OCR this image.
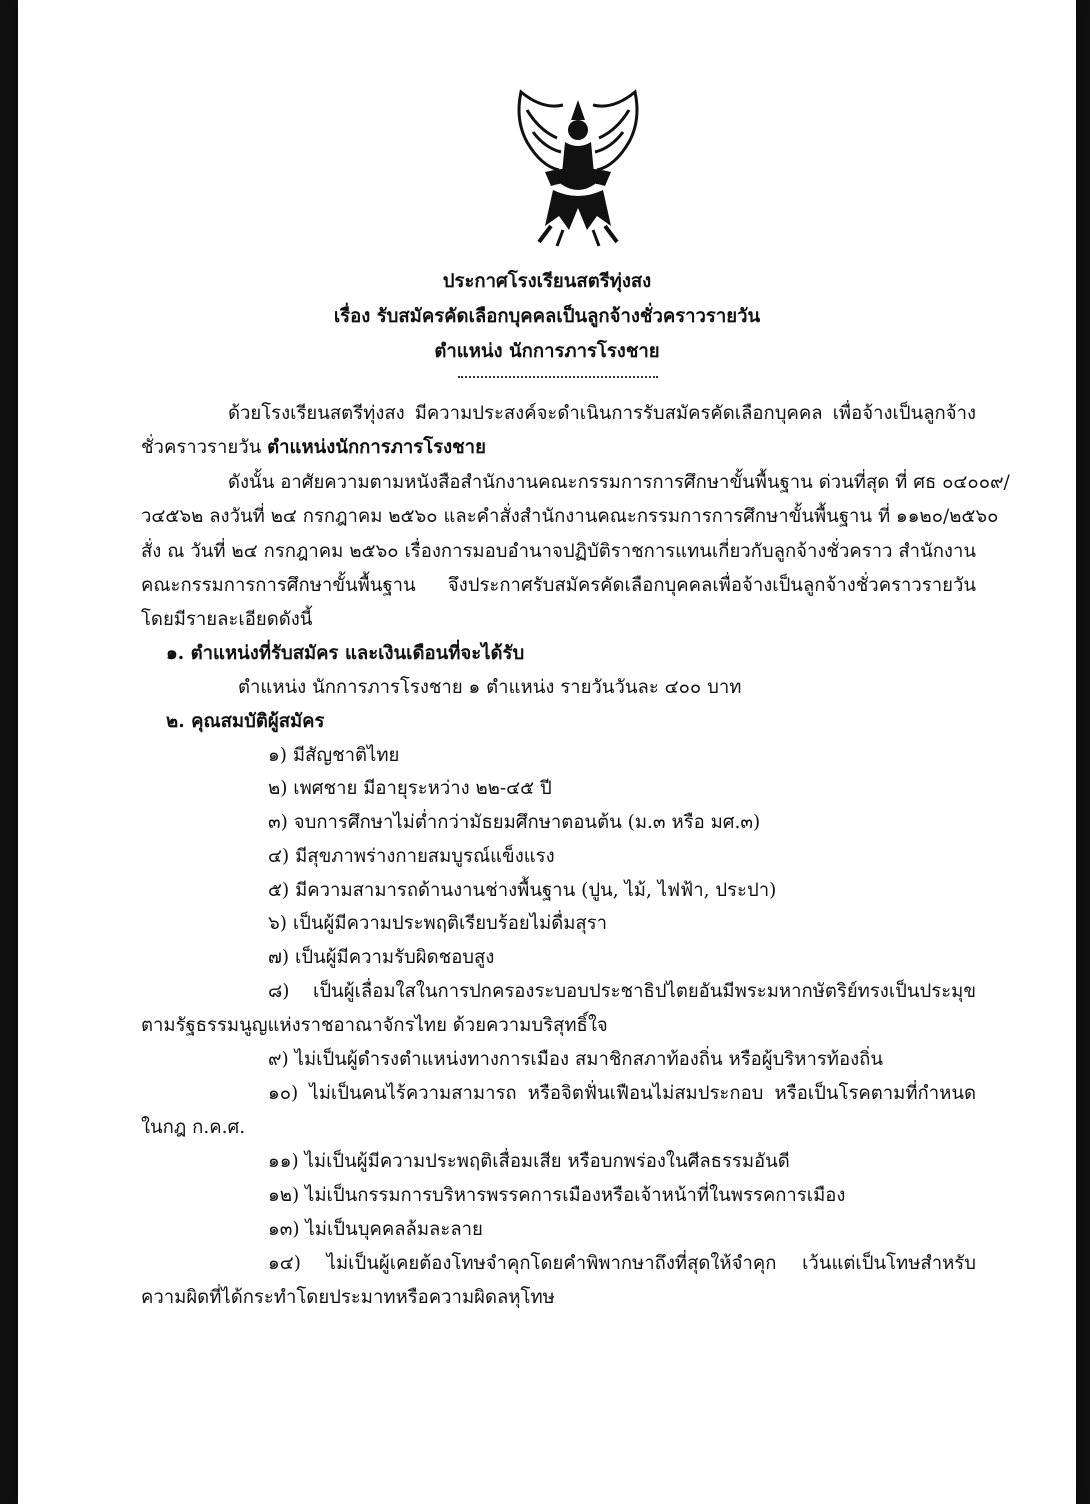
ประกาศโรงเรียนสตรีทุ่งสง
เรื่อง รับสมัครคัดเลือกบุคคลเป็นลูกจ้างชั่วคราวรายวัน
ตำแหน่ง นักการภารโรงชาย
ด้วยโรงเรียนสตรีทุ่งสง มีความประสงค์จะดำเนินการรับสมัครคัดเลือกบุคคล เพื่อจ้างเป็นลูกจ้าง
ชั่วคราวรายวัน ตำแหน่งนักการภารโรงชาย
ดังนั้น อาศัยความตามหนังสือสำนักงานคณะกรรมการการศึกษาขั้นพื้นฐาน ด่วนที่สุด ที่ ศธ ๐๔๐๐๙/
ว๔๕๖๒ ลงวันที่ ๒๔ กรกฎาคม ๒๕๖๐ และคำสั่งสำนักงานคณะกรรมการการศึกษาขั้นพื้นฐาน ที่ ๑๑๒๐/๒๕๖๐
สั่ง ณ วันที่ ๒๔ กรกฎาคม ๒๕๖๐ เรื่องการมอบอำนาจปฏิบัติราชการแทนเกี่ยวกับลูกจ้างชั่วคราว สำนักงาน
คณะกรรมการการศึกษาขั้นพื้นฐาน จึงประกาศรับสมัครคัดเลือกบุคคลเพื่อจ้างเป็นลูกจ้างชั่วคราวรายวัน
โดยมีรายละเอียดดังนี้
๑. ตำแหน่งที่รับสมัคร และเงินเดือนที่จะได้รับ
ตำแหน่ง นักการภารโรงชาย ๑ ตำแหน่ง รายวันวันละ ๔๐๐ บาท
๒. คุณสมบัติผู้สมัคร
๑) มีสัญชาติไทย
๒) เพศชาย มีอายุระหว่าง ๒๒-๔๕ ปี
๓) จบการศึกษาไม่ต่ำกว่ามัธยมศึกษาตอนต้น (ม.๓ หรือ มศ.๓)
๔) มีสุขภาพร่างกายสมบูรณ์แข็งแรง
๕) มีความสามารถด้านงานช่างพื้นฐาน (ปูน, ไม้, ไฟฟ้า, ประปา)
๖) เป็นผู้มีความประพฤติเรียบร้อยไม่ดื่มสุรา
๗) เป็นผู้มีความรับผิดชอบสูง
๘) เป็นผู้เลื่อมใสในการปกครองระบอบประชาธิปไตยอันมีพระมหากษัตริย์ทรงเป็นประมุข
ตามรัฐธรรมนูญแห่งราชอาณาจักรไทย ด้วยความบริสุทธิ์ใจ
๙) ไม่เป็นผู้ดำรงตำแหน่งทางการเมือง สมาชิกสภาท้องถิ่น หรือผู้บริหารท้องถิ่น
๑๐) ไม่เป็นคนไร้ความสามารถ หรือจิตฟั่นเฟือนไม่สมประกอบ หรือเป็นโรคตามที่กำหนด
ในกฎ ก.ค.ศ.
๑๑) ไม่เป็นผู้มีความประพฤติเสื่อมเสีย หรือบกพร่องในศีลธรรมอันดี
๑๒) ไม่เป็นกรรมการบริหารพรรคการเมืองหรือเจ้าหน้าที่ในพรรคการเมือง
๑๓) ไม่เป็นบุคคลล้มละลาย
๑๔) ไม่เป็นผู้เคยต้องโทษจำคุกโดยคำพิพากษาถึงที่สุดให้จำคุก เว้นแต่เป็นโทษสำหรับ
ความผิดที่ได้กระทำโดยประมาทหรือความผิดลหุโทษ
